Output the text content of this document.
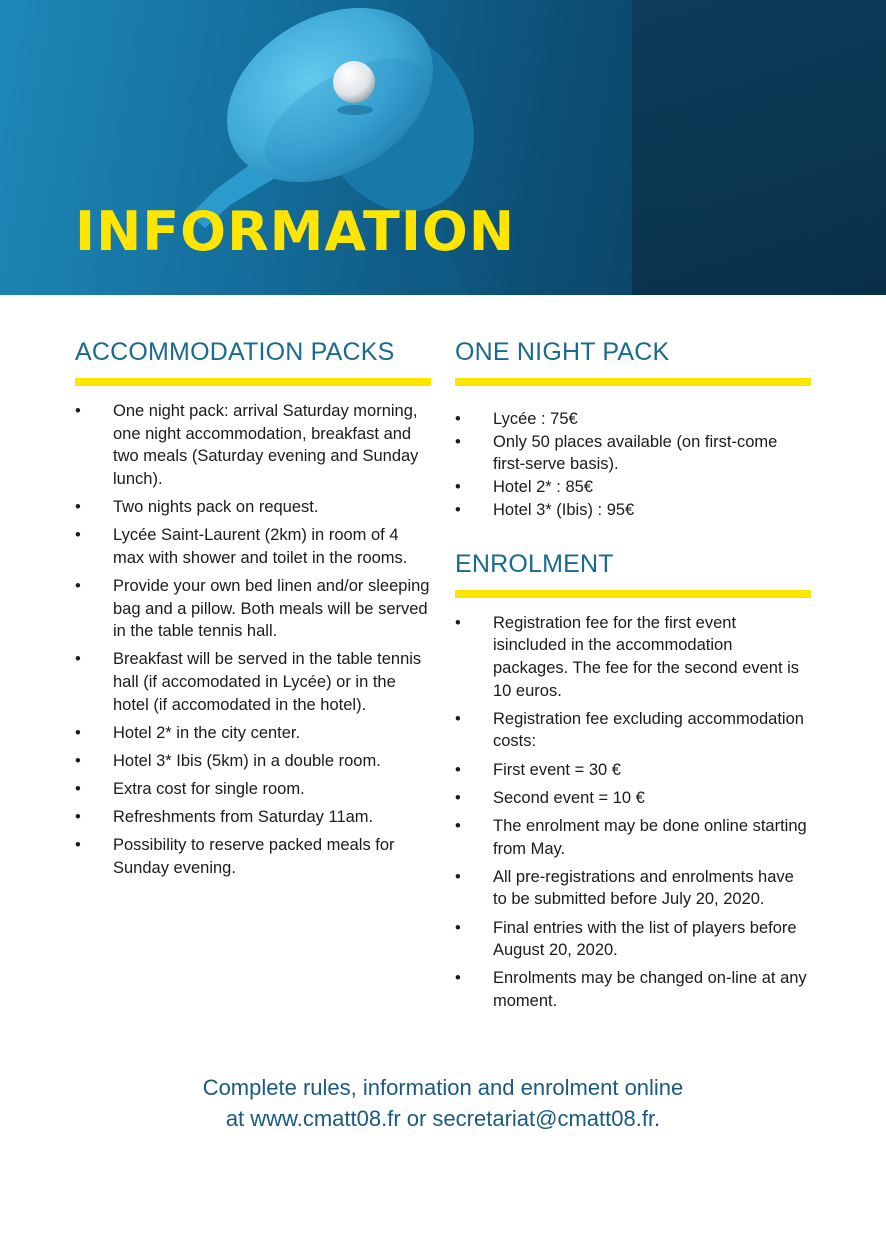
INFORMATION
ACCOMMODATION PACKS
•	One night pack: arrival Saturday morning, one night accommodation, breakfast and two meals (Saturday evening and Sunday lunch).
•	Two nights pack on request.
•	Lycée Saint-Laurent (2km) in room of 4 max with shower and toilet in the rooms.
•	Provide your own bed linen and/or sleeping bag and a pillow. Both meals will be served in the table tennis hall.
•	Breakfast will be served in the table tennis hall (if accomodated in Lycée) or in the hotel (if accomodated in the hotel).
•	Hotel 2* in the city center.
•	Hotel 3* Ibis (5km) in a double room.
•	Extra cost for single room.
•	Refreshments from Saturday 11am.
•	Possibility to reserve packed meals for Sunday evening.
ONE NIGHT PACK
•	Lycée : 75€
•	Only 50 places available (on first-come first-serve basis).
•	Hotel 2* : 85€
•	Hotel 3* (Ibis) : 95€
ENROLMENT
•	Registration fee for the first event isincluded in the accommodation packages. The fee for the second event is 10 euros.
•	Registration fee excluding accommodation costs:
•	First event = 30 €
•	Second event = 10 €
•	The enrolment may be done online starting from May.
•	All pre-registrations and enrolments have to be submitted before July 20, 2020.
•	Final entries with the list of players before August 20, 2020.
•	Enrolments may be changed on-line at any moment.
Complete rules, information and enrolment online
at www.cmatt08.fr or secretariat@cmatt08.fr.
